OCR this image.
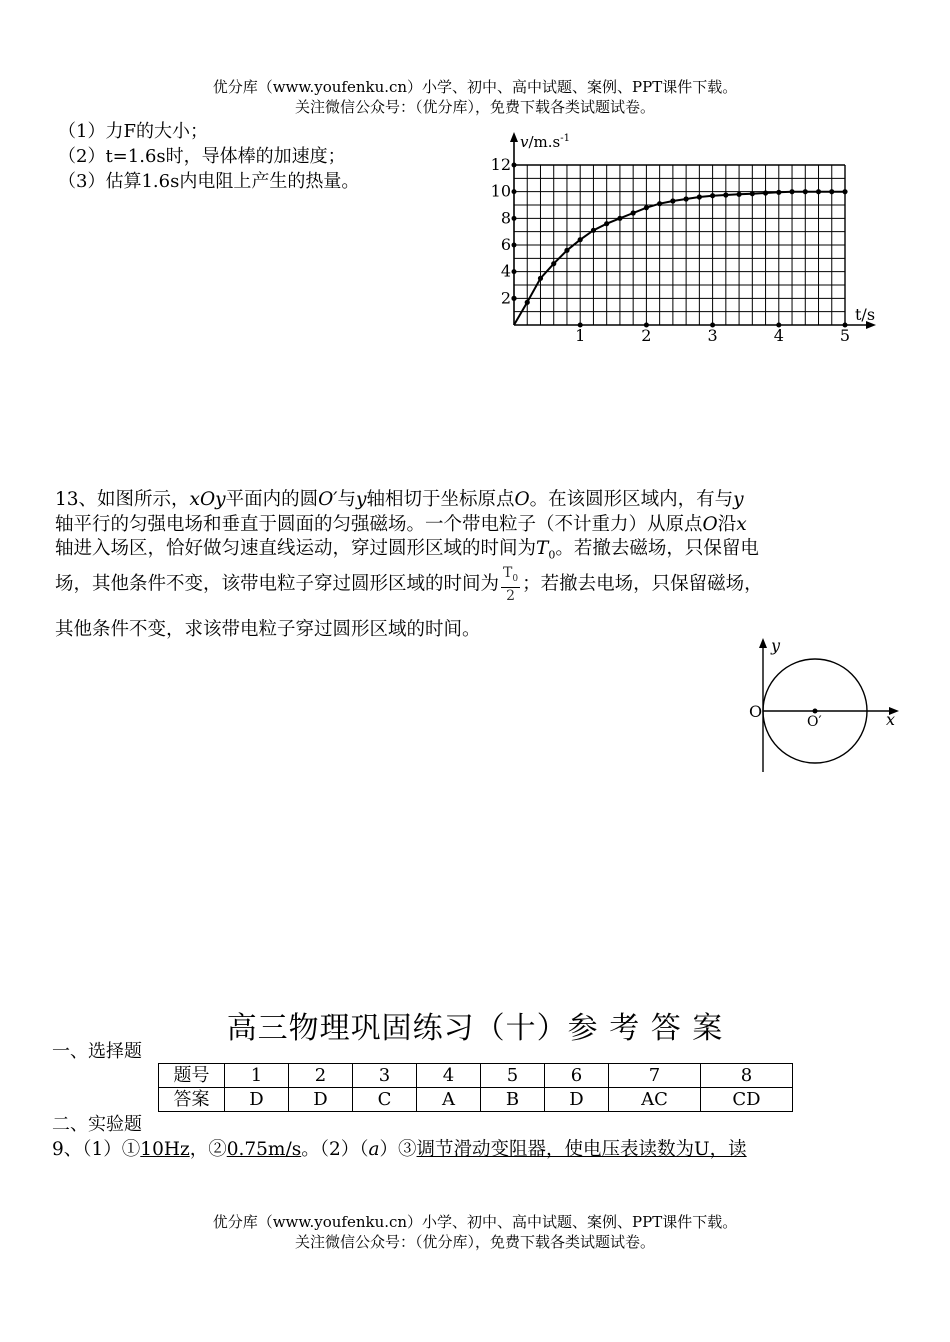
优分库（www.youfenku.cn）小学、初中、高中试题、案例、PPT课件下载。
关注微信公众号：（优分库），免费下载各类试题试卷。
（1）力F的大小；
（2）t=1.6s时，导体棒的加速度；
（3）估算1.6s内电阻上产生的热量。
1	2	3	4	5
2
4
6
8
10
12
$v/m.s^{-1}$
t/s
13、如图所示，xOy平面内的圆O′与y轴相切于坐标原点O。在该圆形区域内，有与y
轴平行的匀强电场和垂直于圆面的匀强磁场。一个带电粒子（不计重力）从原点O沿x
轴进入场区，恰好做匀速直线运动，穿过圆形区域的时间为$T_0$。若撤去磁场，只保留电
场，其他条件不变，该带电粒子穿过圆形区域的时间为 $\frac{T_0}{2}$ ；若撤去电场，只保留磁场，
其他条件不变，求该带电粒子穿过圆形区域的时间。
y
x
O
O′
高三物理巩固练习（十）参 考 答 案
一、选择题
题号	1	2	3	4	5	6	7	8
答案	D	D	C	A	B	D	AC	CD
二、实验题
9、（1）①10Hz，②0.75m/s。（2）（a）③调节滑动变阻器，使电压表读数为U，读
优分库（www.youfenku.cn）小学、初中、高中试题、案例、PPT课件下载。
关注微信公众号：（优分库），免费下载各类试题试卷。
